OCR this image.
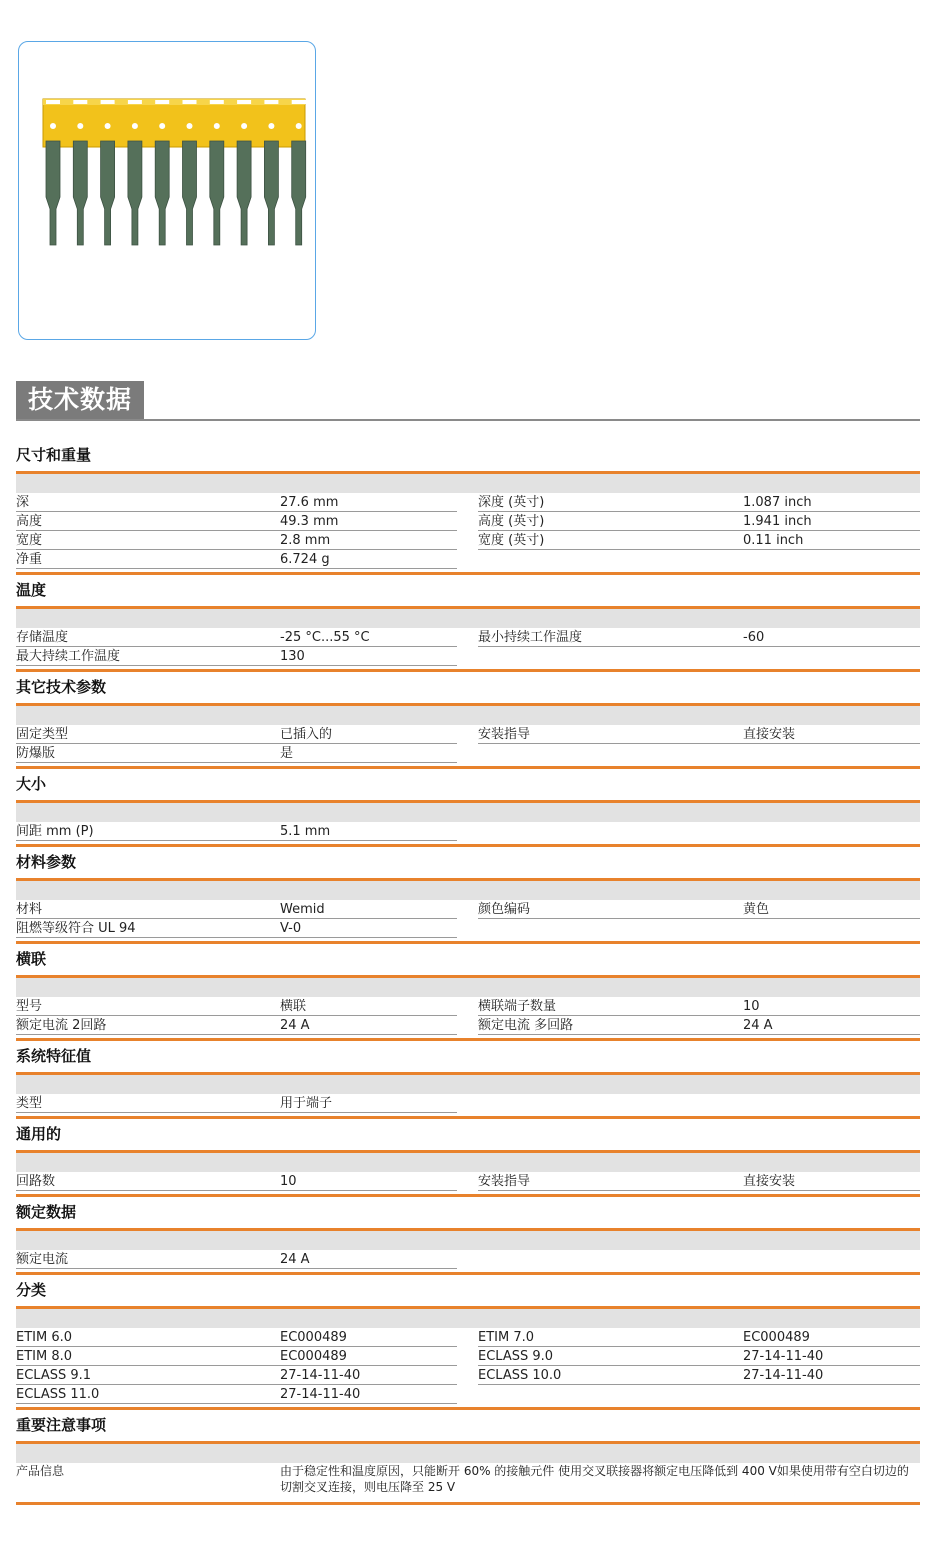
技术数据
尺寸和重量
深	27.6 mm	深度 (英寸)	1.087 inch
高度	49.3 mm	高度 (英寸)	1.941 inch
宽度	2.8 mm	宽度 (英寸)	0.11 inch
净重	6.724 g
温度
存储温度	-25 °C...55 °C	最小持续工作温度	-60
最大持续工作温度	130
其它技术参数
固定类型	已插入的	安装指导	直接安装
防爆版	是
大小
间距 mm (P)	5.1 mm
材料参数
材料	Wemid	颜色编码	黄色
阻燃等级符合 UL 94	V-0
横联
型号	横联	横联端子数量	10
额定电流 2回路	24 A	额定电流 多回路	24 A
系统特征值
类型	用于端子
通用的
回路数	10	安装指导	直接安装
额定数据
额定电流	24 A
分类
ETIM 6.0	EC000489	ETIM 7.0	EC000489
ETIM 8.0	EC000489	ECLASS 9.0	27-14-11-40
ECLASS 9.1	27-14-11-40	ECLASS 10.0	27-14-11-40
ECLASS 11.0	27-14-11-40
重要注意事项
产品信息	由于稳定性和温度原因，只能断开 60% 的接触元件 使用交叉联接器将额定电压降低到 400 V如果使用带有空白切边的切割交叉连接，则电压降至 25 V
